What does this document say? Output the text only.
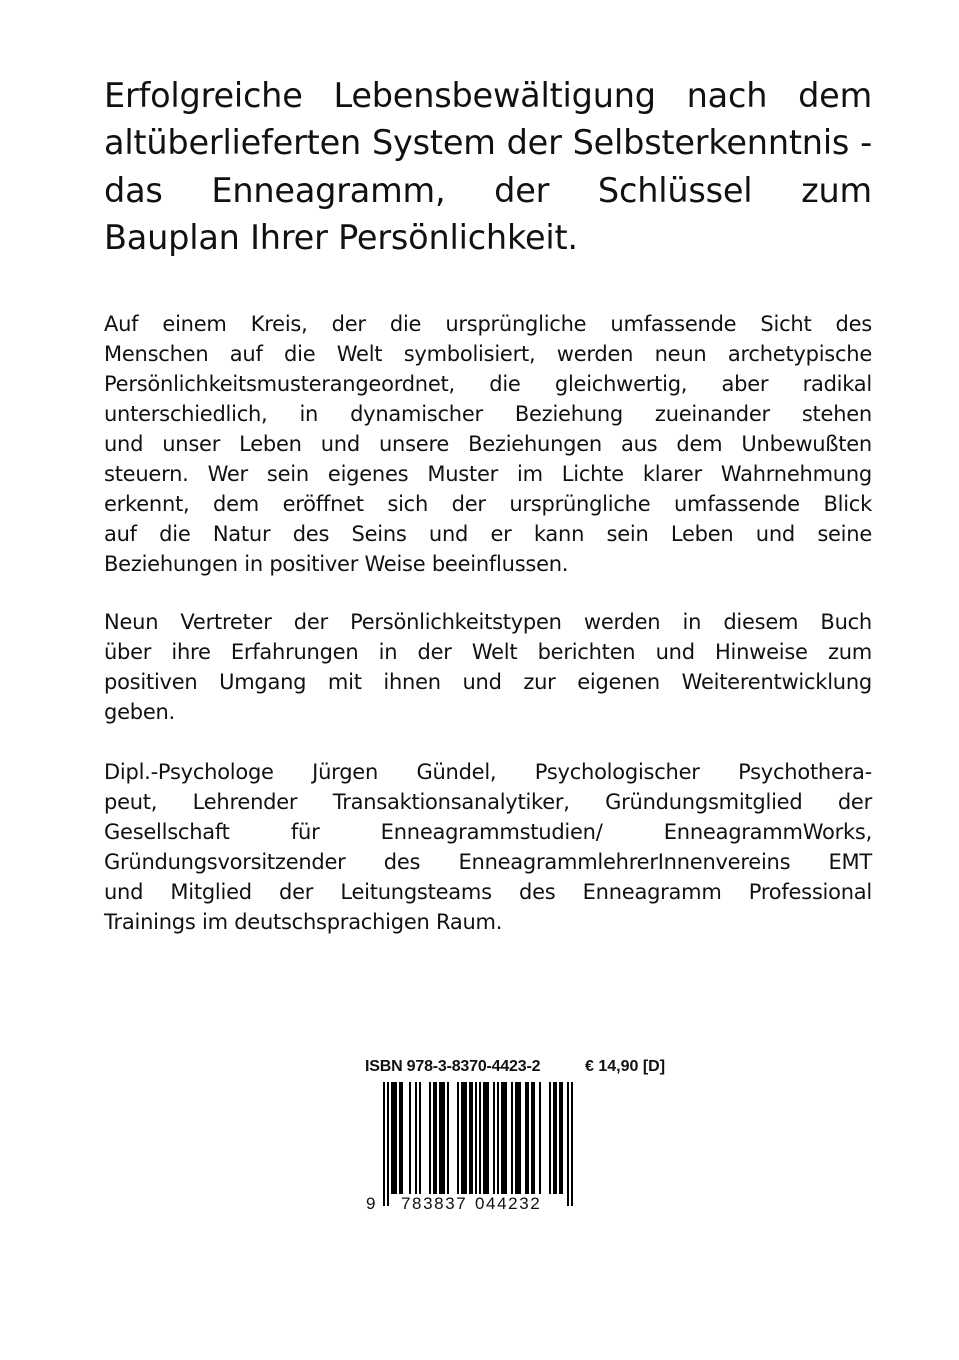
Erfolgreiche Lebensbewältigung nach dem
altüberlieferten System der Selbsterkenntnis -
das Enneagramm, der Schlüssel zum
Bauplan Ihrer Persönlichkeit.
Auf einem Kreis, der die ursprüngliche umfassende Sicht des
Menschen auf die Welt symbolisiert, werden neun archetypische
Persönlichkeitsmusterangeordnet, die gleichwertig, aber radikal
unterschiedlich, in dynamischer Beziehung zueinander stehen
und unser Leben und unsere Beziehungen aus dem Unbewußten
steuern. Wer sein eigenes Muster im Lichte klarer Wahrnehmung
erkennt, dem eröffnet sich der ursprüngliche umfassende Blick
auf die Natur des Seins und er kann sein Leben und seine
Beziehungen in positiver Weise beeinflussen.
Neun Vertreter der Persönlichkeitstypen werden in diesem Buch
über ihre Erfahrungen in der Welt berichten und Hinweise zum
positiven Umgang mit ihnen und zur eigenen Weiterentwicklung
geben.
Dipl.-Psychologe Jürgen Gündel, Psychologischer Psychothera-
peut, Lehrender Transaktionsanalytiker, Gründungsmitglied der
Gesellschaft für Enneagrammstudien/ EnneagrammWorks,
Gründungsvorsitzender des EnneagrammlehrerInnenvereins EMT
und Mitglied der Leitungsteams des Enneagramm Professional
Trainings im deutschsprachigen Raum.
ISBN 978-3-8370-4423-2	€ 14,90 [D]
9 783837 044232
